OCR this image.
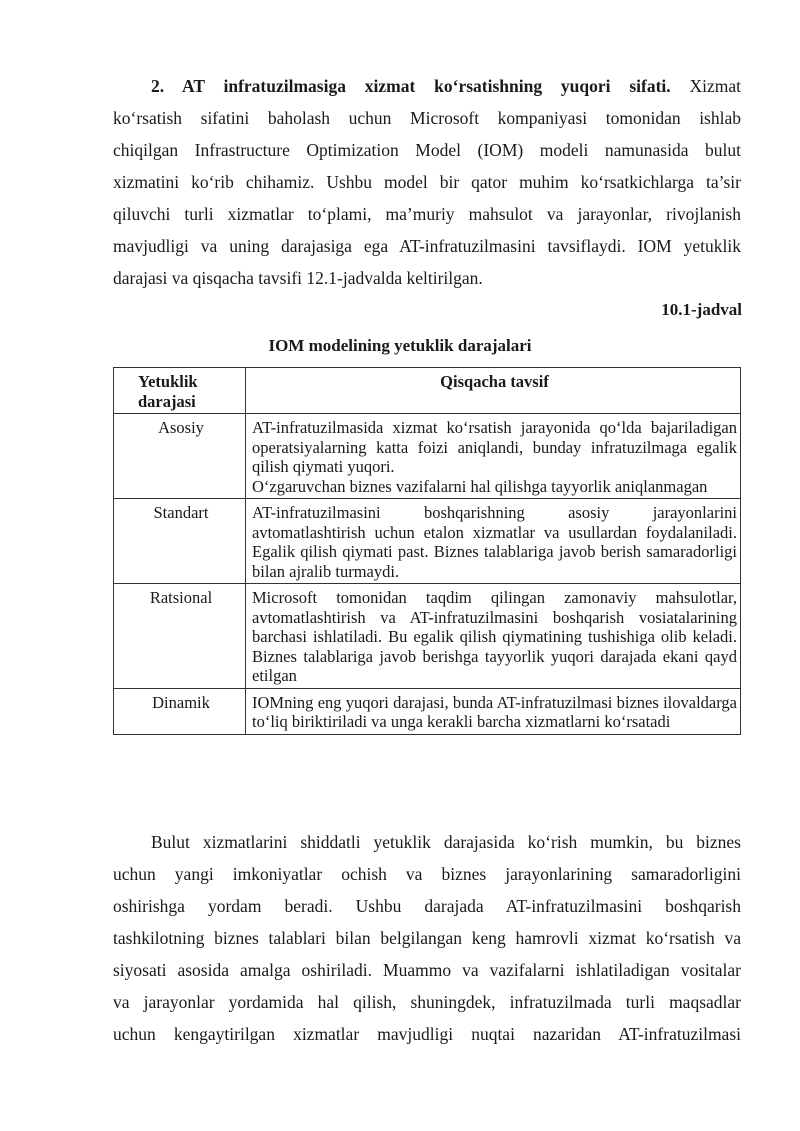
2. AT infratuzilmasiga xizmat ko‘rsatishning yuqori sifati. Xizmat
ko‘rsatish sifatini baholash uchun Microsoft kompaniyasi tomonidan ishlab
chiqilgan Infrastructure Optimization Model (IOM) modeli namunasida bulut
xizmatini ko‘rib chihamiz. Ushbu model bir qator muhim ko‘rsatkichlarga ta’sir
qiluvchi turli xizmatlar to‘plami, ma’muriy mahsulot va jarayonlar, rivojlanish
mavjudligi va uning darajasiga ega AT-infratuzilmasini tavsiflaydi. IOM yetuklik
darajasi va qisqacha tavsifi 12.1-jadvalda keltirilgan.
10.1-jadval
IOM modelining yetuklik darajalari
Yetuklik darajasi	Qisqacha tavsif
Asosiy	AT-infratuzilmasida xizmat ko‘rsatish jarayonida qo‘lda bajariladigan operatsiyalarning katta foizi aniqlandi, bunday infratuzilmaga egalik qilish qiymati yuqori.

O‘zgaruvchan biznes vazifalarni hal qilishga tayyorlik aniqlanmagan

Standart	AT-infratuzilmasini boshqarishning asosiy jarayonlarini avtomatlashtirish uchun etalon xizmatlar va usullardan foydalaniladi. Egalik qilish qiymati past. Biznes talablariga javob berish samaradorligi bilan ajralib turmaydi.

Ratsional	Microsoft tomonidan taqdim qilingan zamonaviy mahsulotlar, avtomatlashtirish va AT-infratuzilmasini boshqarish vosiatalarining barchasi ishlatiladi. Bu egalik qilish qiymatining tushishiga olib keladi. Biznes talablariga javob berishga tayyorlik yuqori darajada ekani qayd etilgan

Dinamik	IOMning eng yuqori darajasi, bunda AT-infratuzilmasi biznes ilovaldarga to‘liq biriktiriladi va unga kerakli barcha xizmatlarni ko‘rsatadi

Bulut xizmatlarini shiddatli yetuklik darajasida ko‘rish mumkin, bu biznes
uchun yangi imkoniyatlar ochish va biznes jarayonlarining samaradorligini
oshirishga yordam beradi. Ushbu darajada AT-infratuzilmasini boshqarish
tashkilotning biznes talablari bilan belgilangan keng hamrovli xizmat ko‘rsatish va
siyosati asosida amalga oshiriladi. Muammo va vazifalarni ishlatiladigan vositalar
va jarayonlar yordamida hal qilish, shuningdek, infratuzilmada turli maqsadlar
uchun kengaytirilgan xizmatlar mavjudligi nuqtai nazaridan AT-infratuzilmasi
